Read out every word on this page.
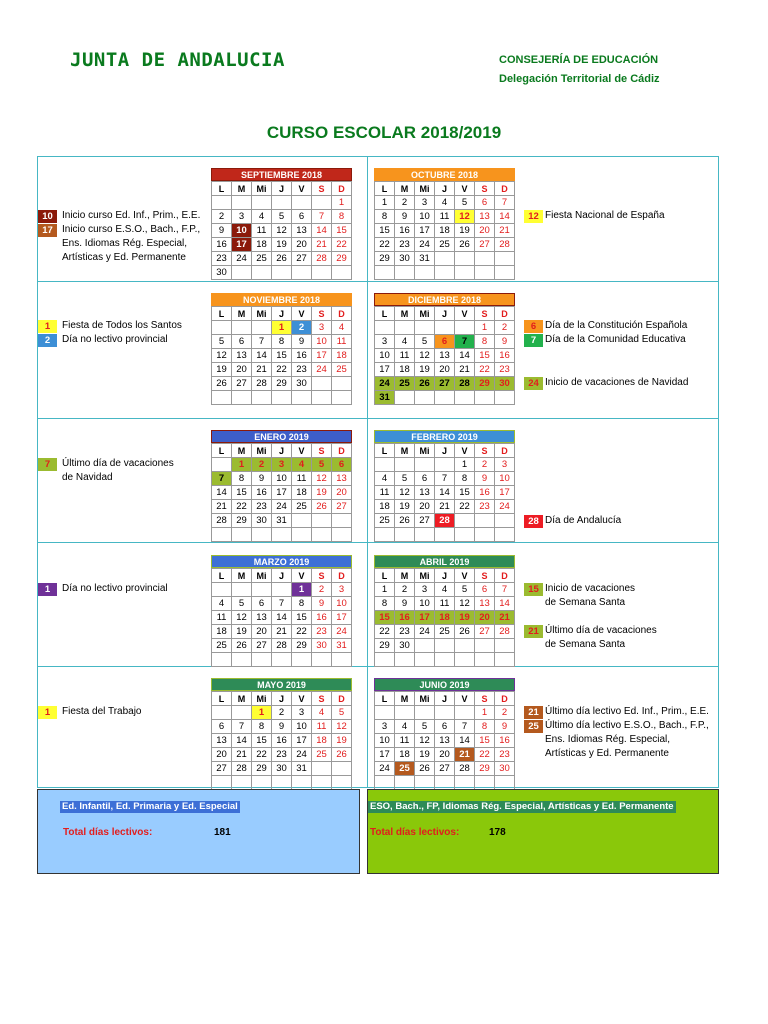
JUNTA DE ANDALUCIA	CONSEJERÍA DE EDUCACIÓN
Delegación Territorial de Cádiz
CURSO ESCOLAR 2018/2019
SEPTIEMBRE 2018
L	M	Mi	J	V	S	D
						1
2	3	4	5	6	7	8
9	10	11	12	13	14	15
16	17	18	19	20	21	22
23	24	25	26	27	28	29
30						
OCTUBRE 2018
L	M	Mi	J	V	S	D
1	2	3	4	5	6	7
8	9	10	11	12	13	14
15	16	17	18	19	20	21
22	23	24	25	26	27	28
29	30	31				

NOVIEMBRE 2018
L	M	Mi	J	V	S	D
			1	2	3	4
5	6	7	8	9	10	11
12	13	14	15	16	17	18
19	20	21	22	23	24	25
26	27	28	29	30		

DICIEMBRE 2018
L	M	Mi	J	V	S	D
					1	2
3	4	5	6	7	8	9
10	11	12	13	14	15	16
17	18	19	20	21	22	23
24	25	26	27	28	29	30
31						
ENERO 2019
L	M	Mi	J	V	S	D
	1	2	3	4	5	6
7	8	9	10	11	12	13
14	15	16	17	18	19	20
21	22	23	24	25	26	27
28	29	30	31			

FEBRERO 2019
L	M	Mi	J	V	S	D
				1	2	3
4	5	6	7	8	9	10
11	12	13	14	15	16	17
18	19	20	21	22	23	24
25	26	27	28			

MARZO 2019
L	M	Mi	J	V	S	D
				1	2	3
4	5	6	7	8	9	10
11	12	13	14	15	16	17
18	19	20	21	22	23	24
25	26	27	28	29	30	31

ABRIL 2019
L	M	Mi	J	V	S	D
1	2	3	4	5	6	7
8	9	10	11	12	13	14
15	16	17	18	19	20	21
22	23	24	25	26	27	28
29	30					

MAYO 2019
L	M	Mi	J	V	S	D
		1	2	3	4	5
6	7	8	9	10	11	12
13	14	15	16	17	18	19
20	21	22	23	24	25	26
27	28	29	30	31		

JUNIO 2019
L	M	Mi	J	V	S	D
					1	2
3	4	5	6	7	8	9
10	11	12	13	14	15	16
17	18	19	20	21	22	23
24	25	26	27	28	29	30

10 Inicio curso Ed. Inf., Prim., E.E.
17 Inicio curso E.S.O., Bach., F.P.,
Ens. Idiomas Rég. Especial,
Artísticas y Ed. Permanente
12 Fiesta Nacional de España
1	Fiesta de Todos los Santos
2	Día no lectivo provincial
6 Día de la Constitución Española
7 Día de la Comunidad Educativa
24 Inicio de vacaciones de Navidad
7	Último día de vacaciones
de Navidad
28 Día de Andalucía
1	Día no lectivo provincial	15 Inicio de vacaciones
de Semana Santa
21 Último día de vacaciones
de Semana Santa
1	Fiesta del Trabajo	21 Último día lectivo Ed. Inf., Prim., E.E.
25 Último día lectivo E.S.O., Bach., F.P.,
Ens. Idiomas Rég. Especial,
Artísticas y Ed. Permanente
Ed. Infantil, Ed. Primaria y Ed. Especial
Total días lectivos:	181
ESO, Bach., FP, Idiomas Rég. Especial, Artísticas y Ed. Permanente
Total días lectivos:	178
